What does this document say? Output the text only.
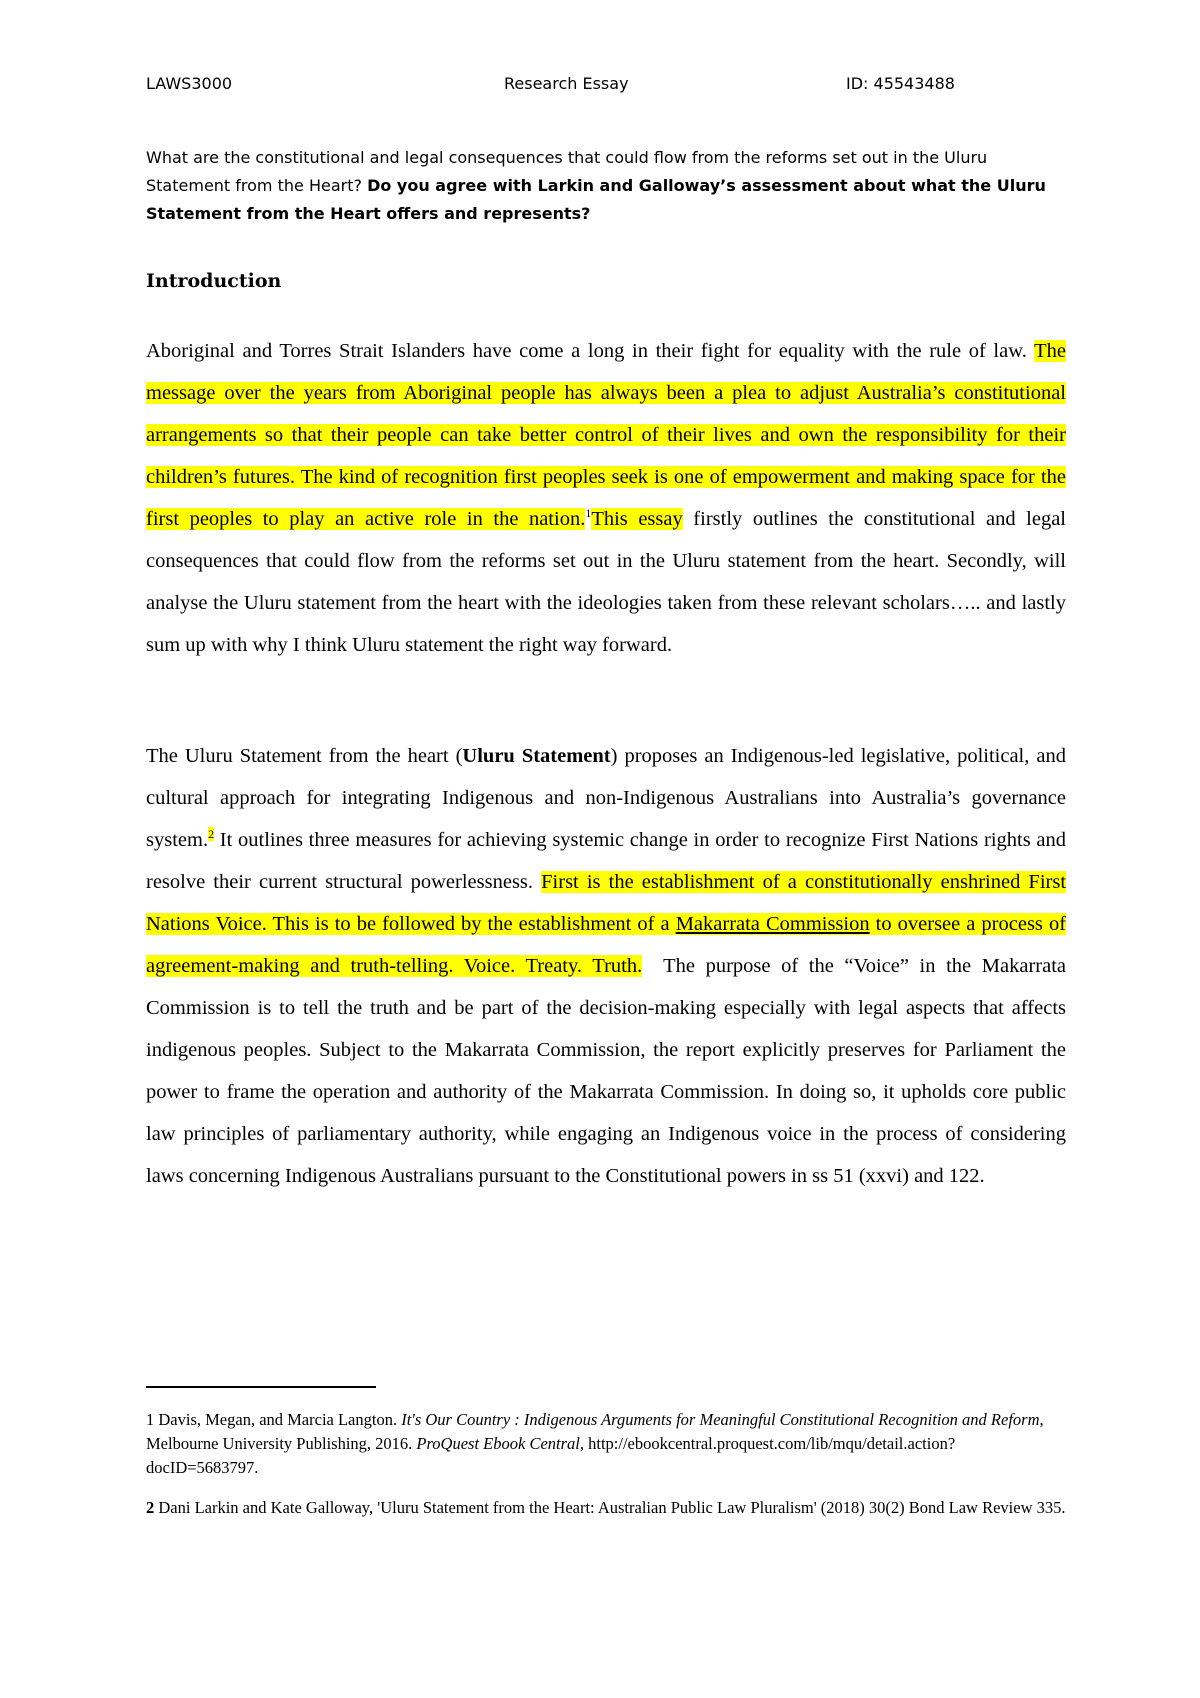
LAWS3000	Research Essay	ID: 45543488
What are the constitutional and legal consequences that could flow from the reforms set out in the Uluru Statement from the Heart? Do you agree with Larkin and Galloway’s assessment about what the Uluru Statement from the Heart offers and represents?
Introduction

Aboriginal and Torres Strait Islanders have come a long in their fight for equality with the rule of law. The message over the years from Aboriginal people has always been a plea to adjust Australia’s constitutional arrangements so that their people can take better control of their lives and own the responsibility for their children’s futures. The kind of recognition first peoples seek is one of empowerment and making space for the first peoples to play an active role in the nation.$^1$This essay firstly outlines the constitutional and legal consequences that could flow from the reforms set out in the Uluru statement from the heart. Secondly, will analyse the Uluru statement from the heart with the ideologies taken from these relevant scholars….. and lastly sum up with why I think Uluru statement the right way forward.

The Uluru Statement from the heart (Uluru Statement) proposes an Indigenous-led legislative, political, and cultural approach for integrating Indigenous and non-Indigenous Australians into Australia’s governance system.$^2$ It outlines three measures for achieving systemic change in order to recognize First Nations rights and resolve their current structural powerlessness. First is the establishment of a constitutionally enshrined First Nations Voice. This is to be followed by the establishment of a Makarrata Commission to oversee a process of agreement-making and truth-telling. Voice. Treaty. Truth. The purpose of the “Voice” in the Makarrata Commission is to tell the truth and be part of the decision-making especially with legal aspects that affects indigenous peoples. Subject to the Makarrata Commission, the report explicitly preserves for Parliament the power to frame the operation and authority of the Makarrata Commission. In doing so, it upholds core public law principles of parliamentary authority, while engaging an Indigenous voice in the process of considering laws concerning Indigenous Australians pursuant to the Constitutional powers in ss 51 (xxvi) and 122.

1 Davis, Megan, and Marcia Langton. It's Our Country : Indigenous Arguments for Meaningful Constitutional Recognition and Reform, Melbourne University Publishing, 2016. ProQuest Ebook Central, http://ebookcentral.proquest.com/lib/mqu/detail.action?docID=5683797.

2 Dani Larkin and Kate Galloway, 'Uluru Statement from the Heart: Australian Public Law Pluralism' (2018) 30(2) Bond Law Review 335.
